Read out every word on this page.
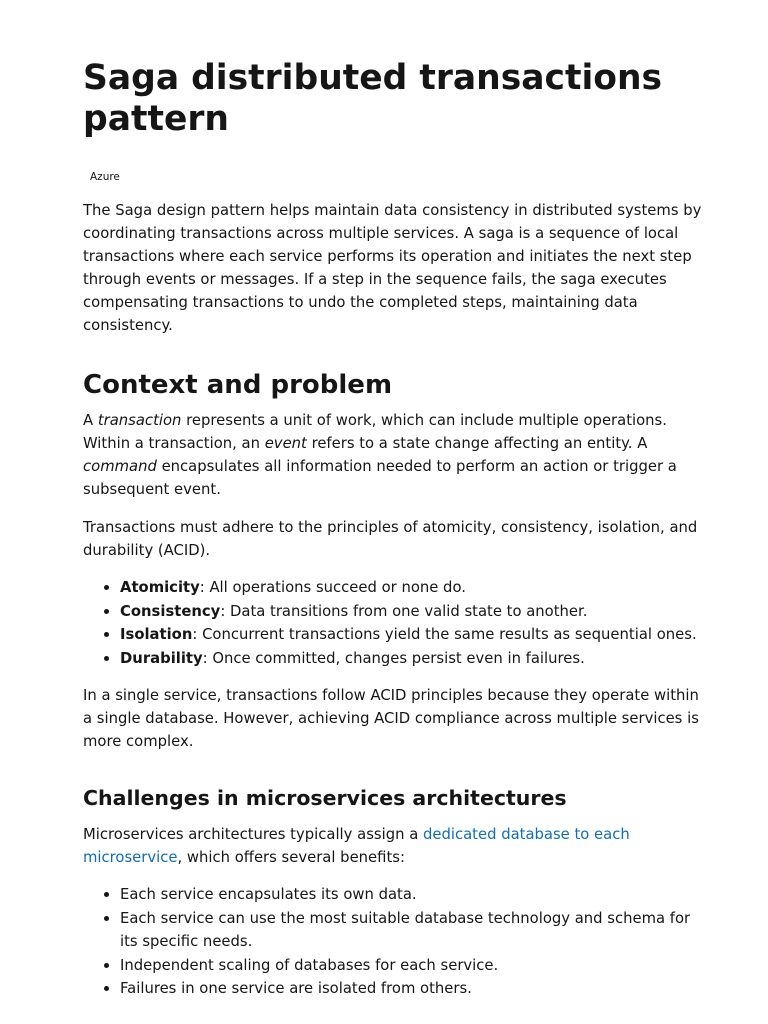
Saga distributed transactions pattern
Azure

The Saga design pattern helps maintain data consistency in distributed systems by coordinating transactions across multiple services. A saga is a sequence of local transactions where each service performs its operation and initiates the next step through events or messages. If a step in the sequence fails, the saga executes compensating transactions to undo the completed steps, maintaining data consistency.

Context and problem

A transaction represents a unit of work, which can include multiple operations. Within a transaction, an event refers to a state change affecting an entity. A command encapsulates all information needed to perform an action or trigger a subsequent event.

Transactions must adhere to the principles of atomicity, consistency, isolation, and durability (ACID).

Atomicity: All operations succeed or none do.
Consistency: Data transitions from one valid state to another.
Isolation: Concurrent transactions yield the same results as sequential ones.
Durability: Once committed, changes persist even in failures.

In a single service, transactions follow ACID principles because they operate within a single database. However, achieving ACID compliance across multiple services is more complex.

Challenges in microservices architectures

Microservices architectures typically assign a dedicated database to each microservice, which offers several benefits:

Each service encapsulates its own data.
Each service can use the most suitable database technology and schema for its specific needs.
Independent scaling of databases for each service.
Failures in one service are isolated from others.
